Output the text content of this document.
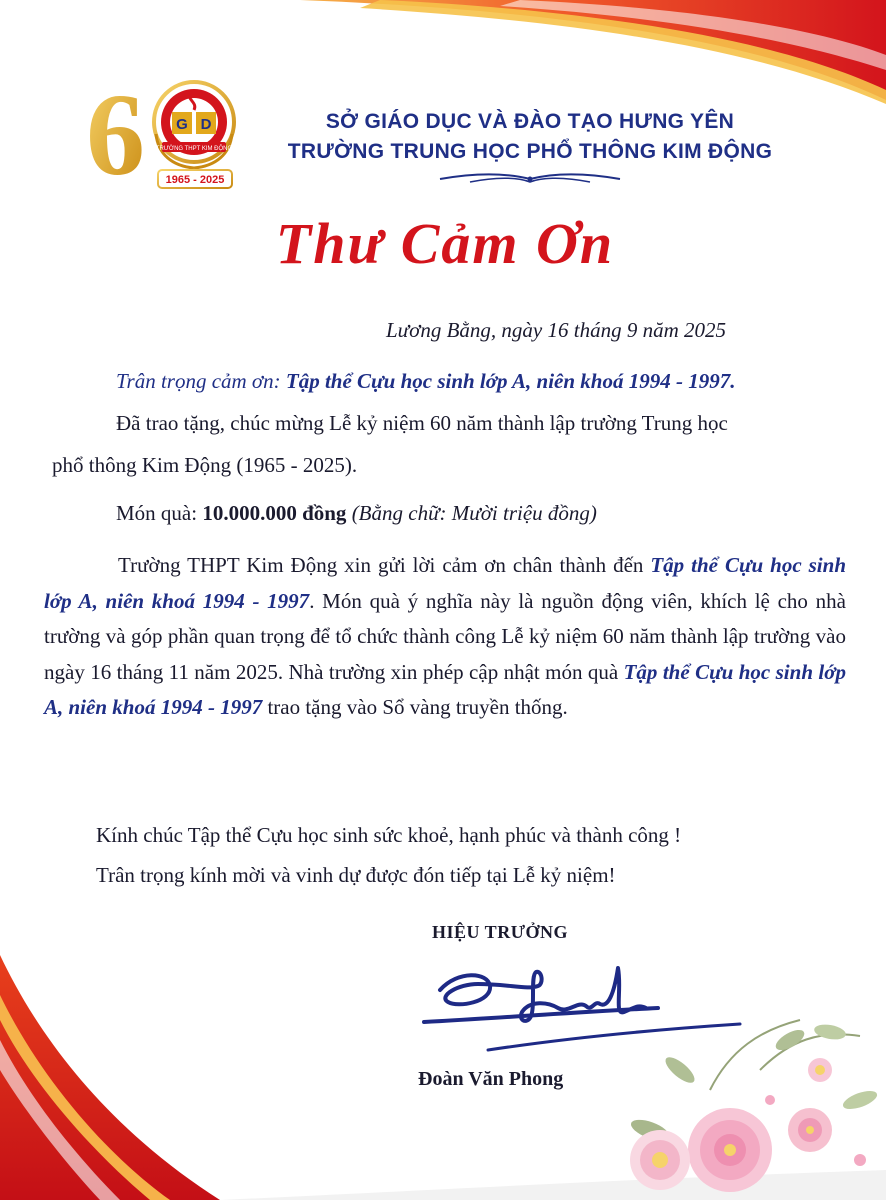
6 G D
TRƯỜNG THPT KIM ĐỘNG
1965 - 2025
SỞ GIÁO DỤC VÀ ĐÀO TẠO HƯNG YÊN
TRƯỜNG TRUNG HỌC PHỔ THÔNG KIM ĐỘNG
Thư Cảm Ơn
Lương Bằng, ngày 16 tháng 9 năm 2025
Trân trọng cảm ơn: Tập thể Cựu học sinh lớp A, niên khoá 1994 - 1997.
Đã trao tặng, chúc mừng Lễ kỷ niệm 60 năm thành lập trường Trung học
phổ thông Kim Động (1965 - 2025).
Món quà: 10.000.000 đồng (Bằng chữ: Mười triệu đồng)
Trường THPT Kim Động xin gửi lời cảm ơn chân thành đến Tập thể Cựu học sinh lớp A, niên khoá 1994 - 1997. Món quà ý nghĩa này là nguồn động viên, khích lệ cho nhà trường và góp phần quan trọng để tổ chức thành công Lễ kỷ niệm 60 năm thành lập trường vào ngày 16 tháng 11 năm 2025. Nhà trường xin phép cập nhật món quà Tập thể Cựu học sinh lớp A, niên khoá 1994 - 1997 trao tặng vào Sổ vàng truyền thống.
Kính chúc Tập thể Cựu học sinh sức khoẻ, hạnh phúc và thành công !
Trân trọng kính mời và vinh dự được đón tiếp tại Lễ kỷ niệm!
HIỆU TRƯỞNG
Đoàn Văn Phong
